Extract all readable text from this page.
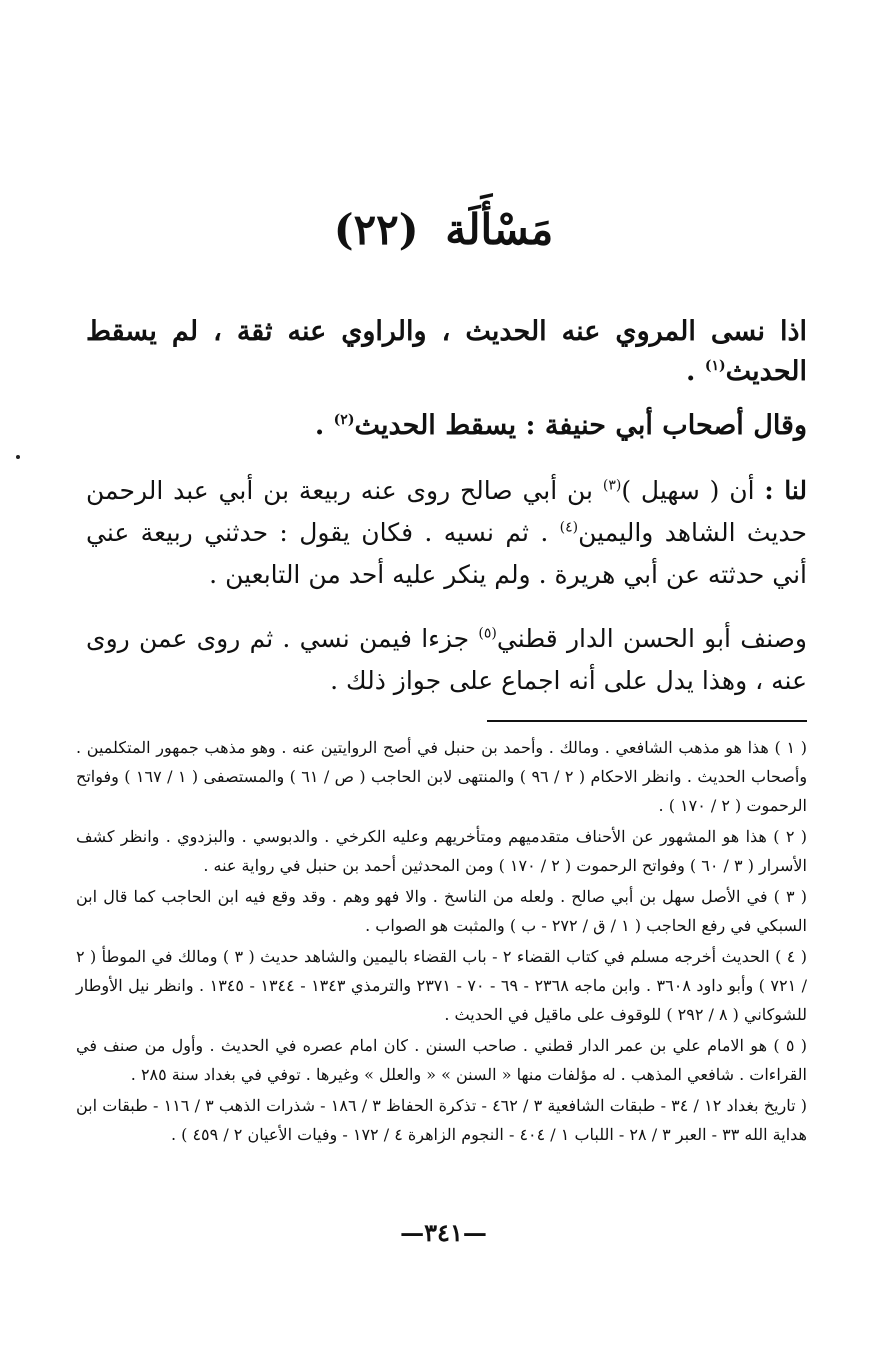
مَسْأَلَة (٢٢)

اذا نسى المروي عنه الحديث ، والراوي عنه ثقة ، لم يسقط الحديث$^{(١)}$ .

وقال أصحاب أبي حنيفة : يسقط الحديث$^{(٢)}$ .

لنا : أن ( سهيل )$^{(٣)}$ بن أبي صالح روى عنه ربيعة بن أبي عبد الرحمن حديث الشاهد واليمين$^{(٤)}$ . ثم نسيه . فكان يقول : حدثني ربيعة عني أني حدثته عن أبي هريرة . ولم ينكر عليه أحد من التابعين .

وصنف أبو الحسن الدار قطني$^{(٥)}$ جزءا فيمن نسي . ثم روى عمن روى عنه ، وهذا يدل على أنه اجماع على جواز ذلك .

( ١ ) هذا هو مذهب الشافعي . ومالك . وأحمد بن حنبل في أصح الروايتين عنه . وهو مذهب جمهور المتكلمين . وأصحاب الحديث . وانظر الاحكام ( ٢ / ٩٦ ) والمنتهى لابن الحاجب ( ص / ٦١ ) والمستصفى ( ١ / ١٦٧ ) وفواتح الرحموت ( ٢ / ١٧٠ ) .

( ٢ ) هذا هو المشهور عن الأحناف متقدميهم ومتأخريهم وعليه الكرخي . والدبوسي . والبزدوي . وانظر كشف الأسرار ( ٣ / ٦٠ ) وفواتح الرحموت ( ٢ / ١٧٠ ) ومن المحدثين أحمد بن حنبل في رواية عنه .

( ٣ ) في الأصل سهل بن أبي صالح . ولعله من الناسخ . والا فهو وهم . وقد وقع فيه ابن الحاجب كما قال ابن السبكي في رفع الحاجب ( ١ / ق / ٢٧٢ - ب ) والمثبت هو الصواب .

( ٤ ) الحديث أخرجه مسلم في كتاب القضاء ٢ - باب القضاء باليمين والشاهد حديث ( ٣ ) ومالك في الموطأ ( ٢ / ٧٢١ ) وأبو داود ٣٦٠٨ . وابن ماجه ٢٣٦٨ - ٦٩ - ٧٠ - ٢٣٧١ والترمذي ١٣٤٣ - ١٣٤٤ - ١٣٤٥ . وانظر نيل الأوطار للشوكاني ( ٨ / ٢٩٢ ) للوقوف على ماقيل في الحديث .

( ٥ ) هو الامام علي بن عمر الدار قطني . صاحب السنن . كان امام عصره في الحديث . وأول من صنف في القراءات . شافعي المذهب . له مؤلفات منها « السنن » « والعلل » وغيرها . توفي في بغداد سنة ٢٨٥ .

( تاريخ بغداد ١٢ / ٣٤ - طبقات الشافعية ٣ / ٤٦٢ - تذكرة الحفاظ ٣ / ١٨٦ - شذرات الذهب ٣ / ١١٦ - طبقات ابن هداية الله ٣٣ - العبر ٣ / ٢٨ - اللباب ١ / ٤٠٤ - النجوم الزاهرة ٤ / ١٧٢ - وفيات الأعيان ٢ / ٤٥٩ ) .

—٣٤١—
